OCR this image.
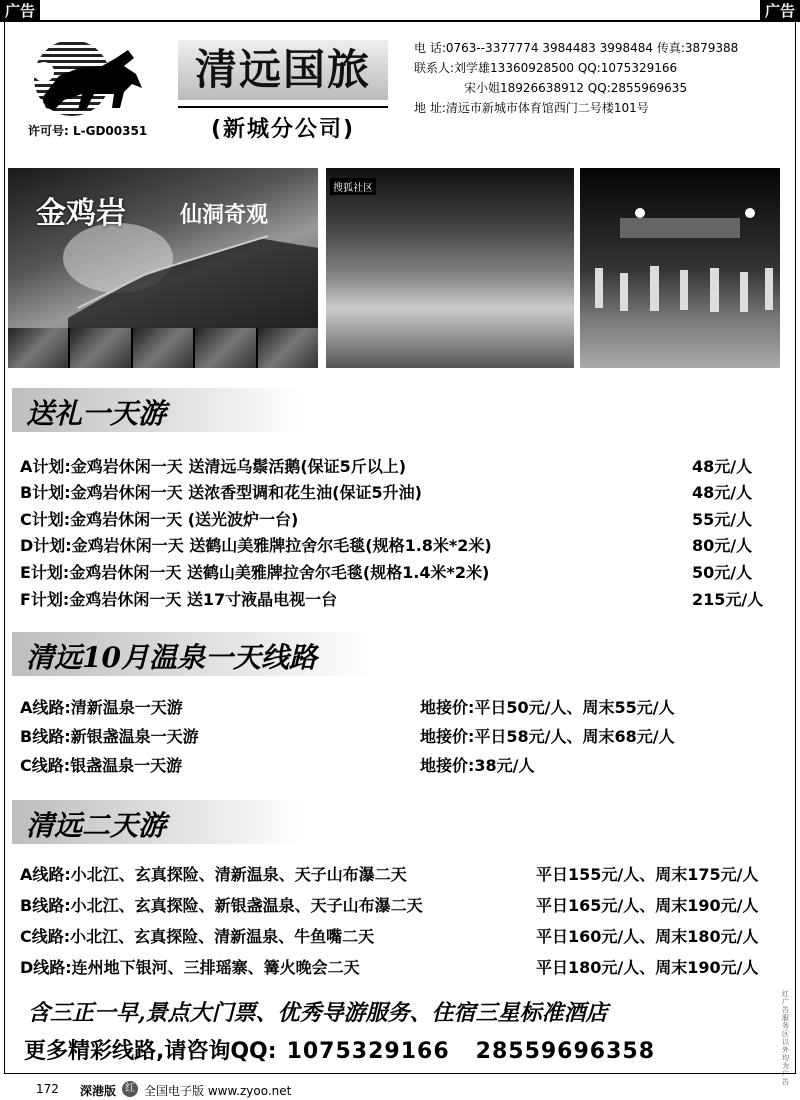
广告	广告
许可号: L-GD00351
清远国旅
(新城分公司)
电 话:0763--3377774 3984483 3998484 传真:3879388
联系人:刘学雄13360928500 QQ:1075329166
宋小姐18926638912 QQ:2855969635
地 址:清远市新城市体育馆西门二号楼101号
金鸡岩 仙洞奇观
搜狐社区
送礼一天游
A计划:金鸡岩休闲一天 送清远乌鬃活鹅(保证5斤以上)	48元/人
B计划:金鸡岩休闲一天 送浓香型调和花生油(保证5升油)	48元/人
C计划:金鸡岩休闲一天 (送光波炉一台)	55元/人
D计划:金鸡岩休闲一天 送鹤山美雅牌拉舍尔毛毯(规格1.8米*2米)	80元/人
E计划:金鸡岩休闲一天 送鹤山美雅牌拉舍尔毛毯(规格1.4米*2米)	50元/人
F计划:金鸡岩休闲一天 送17寸液晶电视一台	215元/人
清远10月温泉一天线路
A线路:清新温泉一天游	地接价:平日50元/人、周末55元/人
B线路:新银盏温泉一天游	地接价:平日58元/人、周末68元/人
C线路:银盏温泉一天游	地接价:38元/人
清远二天游
A线路:小北江、玄真探险、清新温泉、天子山布瀑二天	平日155元/人、周末175元/人
B线路:小北江、玄真探险、新银盏温泉、天子山布瀑二天	平日165元/人、周末190元/人
C线路:小北江、玄真探险、清新温泉、牛鱼嘴二天	平日160元/人、周末180元/人
D线路:连州地下银河、三排瑶寨、篝火晚会二天	平日180元/人、周末190元/人
含三正一早,景点大门票、优秀导游服务、住宿三星标准酒店
更多精彩线路,请咨询QQ: 1075329166 28559696358
红广告服务区以外均为广告
172 深港版 红 全国电子版 www.zyoo.net
